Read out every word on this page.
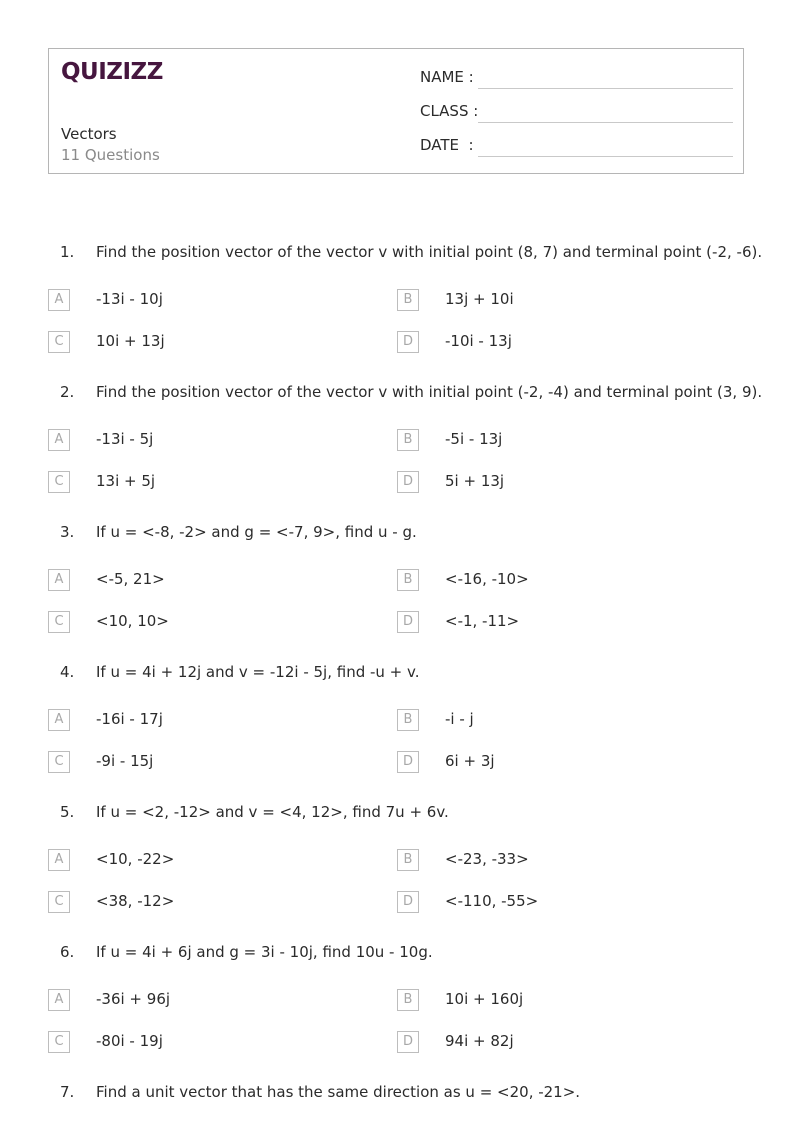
QUIZIZZ
Vectors
11 Questions
NAME :
CLASS :
DATE  :
1. Find the position vector of the vector v with initial point (8, 7) and terminal point (-2, -6).
A	-13i - 10j	B	13j + 10i
C	10i + 13j	D	-10i - 13j
2. Find the position vector of the vector v with initial point (-2, -4) and terminal point (3, 9).
A	-13i - 5j	B	-5i - 13j
C	13i + 5j	D	5i + 13j
3. If u = <-8, -2> and g = <-7, 9>, find u - g.
A	<-5, 21>	B	<-16, -10>
C	<10, 10>	D	<-1, -11>
4. If u = 4i + 12j and v = -12i - 5j, find -u + v.
A	-16i - 17j	B	-i - j
C	-9i - 15j	D	6i + 3j
5. If u = <2, -12> and v = <4, 12>, find 7u + 6v.
A	<10, -22>	B	<-23, -33>
C	<38, -12>	D	<-110, -55>
6. If u = 4i + 6j and g = 3i - 10j, find 10u - 10g.
A	-36i + 96j	B	10i + 160j
C	-80i - 19j	D	94i + 82j
7. Find a unit vector that has the same direction as u = <20, -21>.
